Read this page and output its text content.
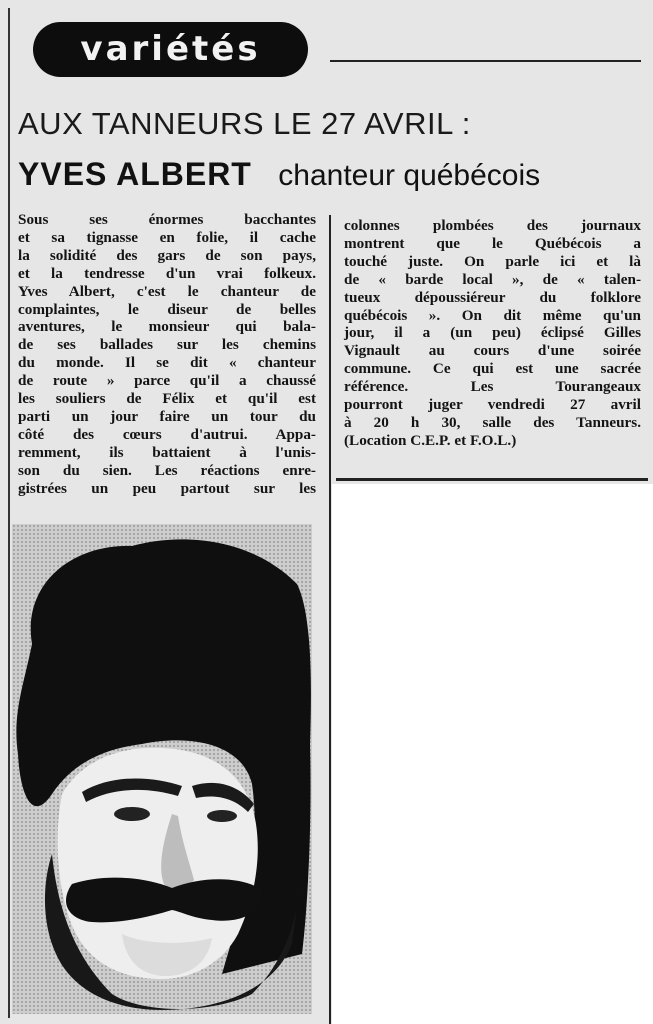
variétés
AUX TANNEURS LE 27 AVRIL :
YVES ALBERT chanteur québécois
Sous ses énormes bacchantes
et sa tignasse en folie, il cache
la solidité des gars de son pays,
et la tendresse d'un vrai folkeux.
Yves Albert, c'est le chanteur de
complaintes, le diseur de belles
aventures, le monsieur qui bala-
de ses ballades sur les chemins
du monde. Il se dit « chanteur
de route » parce qu'il a chaussé
les souliers de Félix et qu'il est
parti un jour faire un tour du
côté des cœurs d'autrui. Appa-
remment, ils battaient à l'unis-
son du sien. Les réactions enre-
gistrées un peu partout sur les
colonnes plombées des journaux
montrent que le Québécois a
touché juste. On parle ici et là
de « barde local », de « talen-
tueux dépoussiéreur du folklore
québécois ». On dit même qu'un
jour, il a (un peu) éclipsé Gilles
Vignault au cours d'une soirée
commune. Ce qui est une sacrée
référence. Les Tourangeaux
pourront juger vendredi 27 avril
à 20 h 30, salle des Tanneurs.
(Location C.E.P. et F.O.L.)
